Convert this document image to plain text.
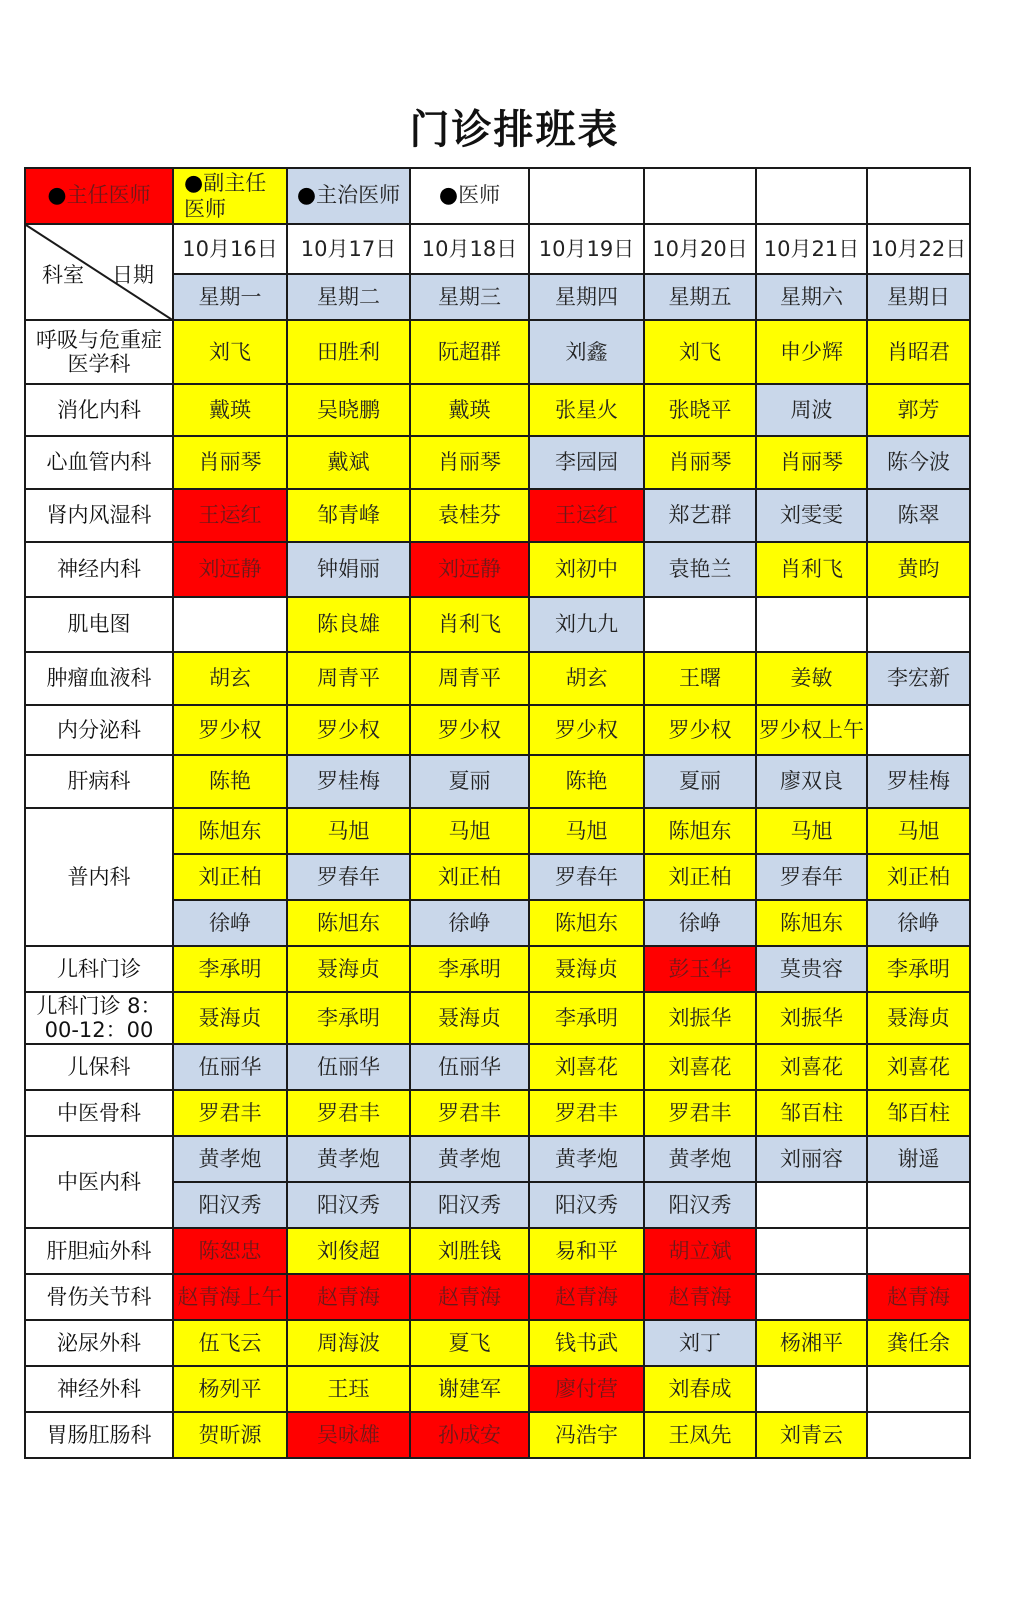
门诊排班表
●主任医师	●副主任医师	●主治医师	●医师				

科室 日期	10月16日	10月17日	10月18日	10月19日	10月20日	10月21日	10月22日
	星期一	星期二	星期三	星期四	星期五	星期六	星期日
呼吸与危重症医学科	刘飞	田胜利	阮超群	刘鑫	刘飞	申少辉	肖昭君
消化内科	戴瑛	吴晓鹏	戴瑛	张星火	张晓平	周波	郭芳
心血管内科	肖丽琴	戴斌	肖丽琴	李园园	肖丽琴	肖丽琴	陈今波
肾内风湿科	王运红	邹青峰	袁桂芬	王运红	郑艺群	刘雯雯	陈翠
神经内科	刘远静	钟娟丽	刘远静	刘初中	袁艳兰	肖利飞	黄昀
肌电图		陈良雄	肖利飞	刘九九			
肿瘤血液科	胡玄	周青平	周青平	胡玄	王曙	姜敏	李宏新
内分泌科	罗少权	罗少权	罗少权	罗少权	罗少权	罗少权上午	
肝病科	陈艳	罗桂梅	夏丽	陈艳	夏丽	廖双良	罗桂梅
普内科	陈旭东	马旭	马旭	马旭	陈旭东	马旭	马旭
	刘正柏	罗春年	刘正柏	罗春年	刘正柏	罗春年	刘正柏
	徐峥	陈旭东	徐峥	陈旭东	徐峥	陈旭东	徐峥
儿科门诊	李承明	聂海贞	李承明	聂海贞	彭玉华	莫贵容	李承明
儿科门诊 8：00-12：00	聂海贞	李承明	聂海贞	李承明	刘振华	刘振华	聂海贞
儿保科	伍丽华	伍丽华	伍丽华	刘喜花	刘喜花	刘喜花	刘喜花
中医骨科	罗君丰	罗君丰	罗君丰	罗君丰	罗君丰	邹百柱	邹百柱
中医内科	黄孝炮	黄孝炮	黄孝炮	黄孝炮	黄孝炮	刘丽容	谢遥
	阳汉秀	阳汉秀	阳汉秀	阳汉秀	阳汉秀		
肝胆疝外科	陈恕忠	刘俊超	刘胜钱	易和平	胡立斌		
骨伤关节科	赵青海上午	赵青海	赵青海	赵青海	赵青海		赵青海
泌尿外科	伍飞云	周海波	夏飞	钱书武	刘丁	杨湘平	龚任余
神经外科	杨列平	王珏	谢建军	廖付营	刘春成		
胃肠肛肠科	贺昕源	吴咏雄	孙成安	冯浩宇	王凤先	刘青云	
